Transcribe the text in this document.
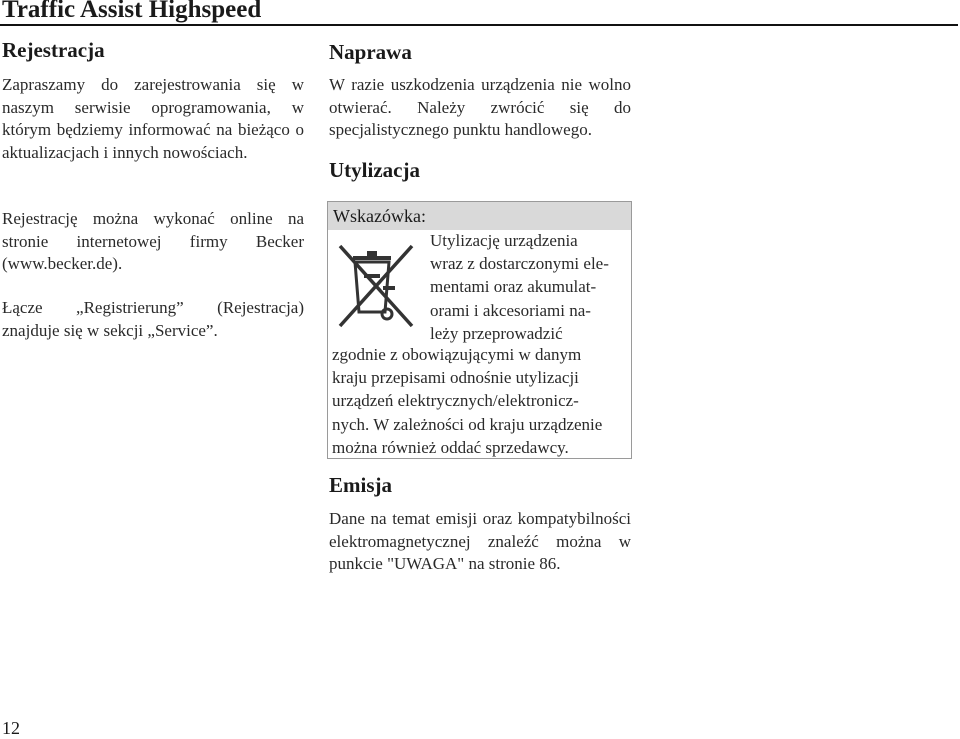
Traffic Assist Highspeed
Rejestracja
Zapraszamy do zarejestrowania się w naszym serwisie oprogramowania, w którym będziemy informować na bieżąco o aktualizacjach i innych nowościach.
Rejestrację można wykonać online na stronie internetowej firmy Becker (www.becker.de).
Łącze „Registrierung” (Rejestracja) znajduje się w sekcji „Service”.
Naprawa
W razie uszkodzenia urządzenia nie wolno otwierać. Należy zwrócić się do specjalistycznego punktu handlowego.
Utylizacja
Wskazówka:
Utylizację urządzenia
wraz z dostarczonymi ele-
mentami oraz akumulat-
orami i akcesoriami na-
leży przeprowadzić
zgodnie z obowiązującymi w danym
kraju przepisami odnośnie utylizacji
urządzeń elektrycznych/elektronicz-
nych. W zależności od kraju urządzenie
można również oddać sprzedawcy.
Emisja
Dane na temat emisji oraz kompatybilności elektromagnetycznej znaleźć można w punkcie "UWAGA" na stronie 86.
12
